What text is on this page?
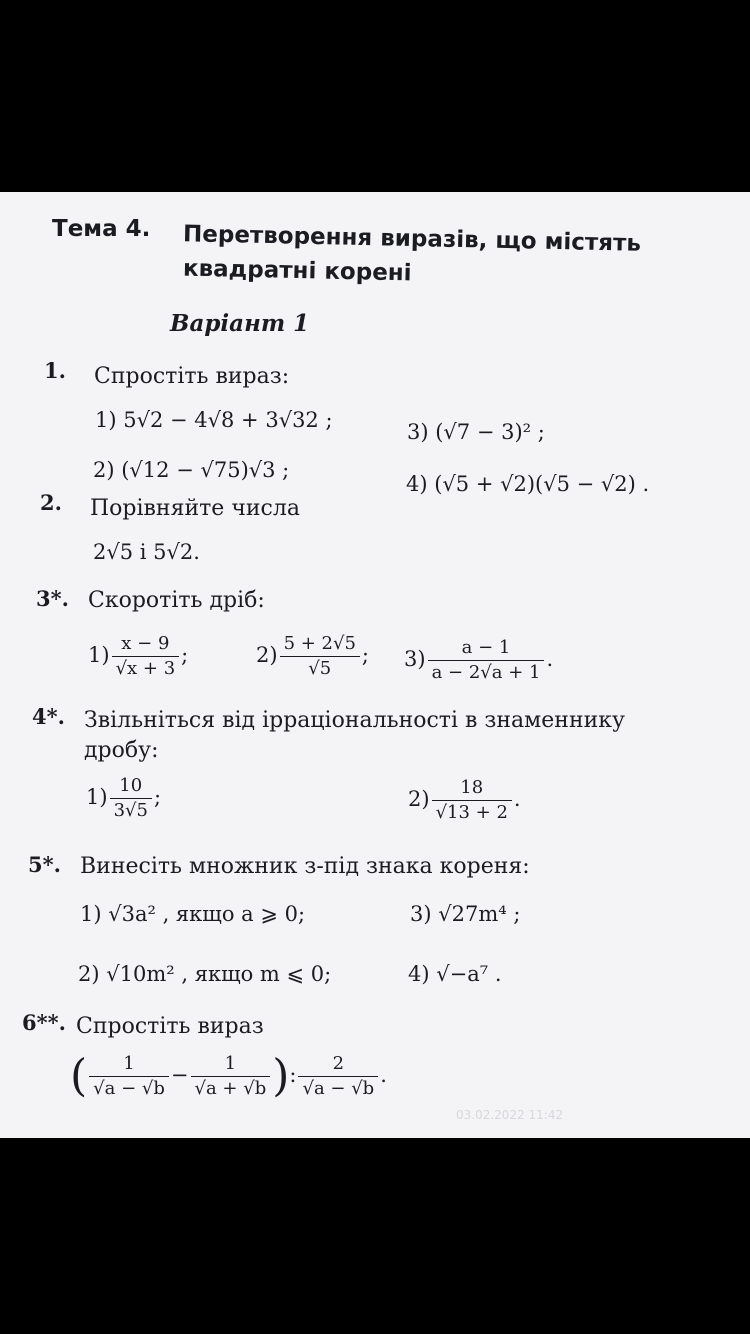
Тема 4. Перетворення виразів, що містять
квадратні корені
Варіант 1
1. Спростіть вираз:
1) 5√2 − 4√8 + 3√32 ;	3) (√7 − 3)² ;
2) (√12 − √75)√3 ;
4) (√5 + √2)(√5 − √2) .
2. Порівняйте числа
2√5 і 5√2.
3*. Скоротіть дріб:
$1) \frac{x - 9}{√x + 3}$ ;	$2) \frac{5 + 2√5}{√5}$ ; $3) \frac{a - 1}{a - 2√a + 1}$ .
4*. Звільніться від ірраціональності в знаменнику
дробу:
$1) \frac{10}{3√5}$ ;	$2) \frac{18}{√13 + 2}$ .
5*. Винесіть множник з-під знака кореня:
1) √3a² , якщо a ⩾ 0;	3) √27m⁴ ;
2) √10m² , якщо m ⩽ 0;	4) √−a⁷ .
6**. Спростіть вираз
( $\frac{1}{√a - √b} - \frac{1}{√a + √b}$ ): $\frac{2}{√a - √b}$ .
03.02.2022 11:42
